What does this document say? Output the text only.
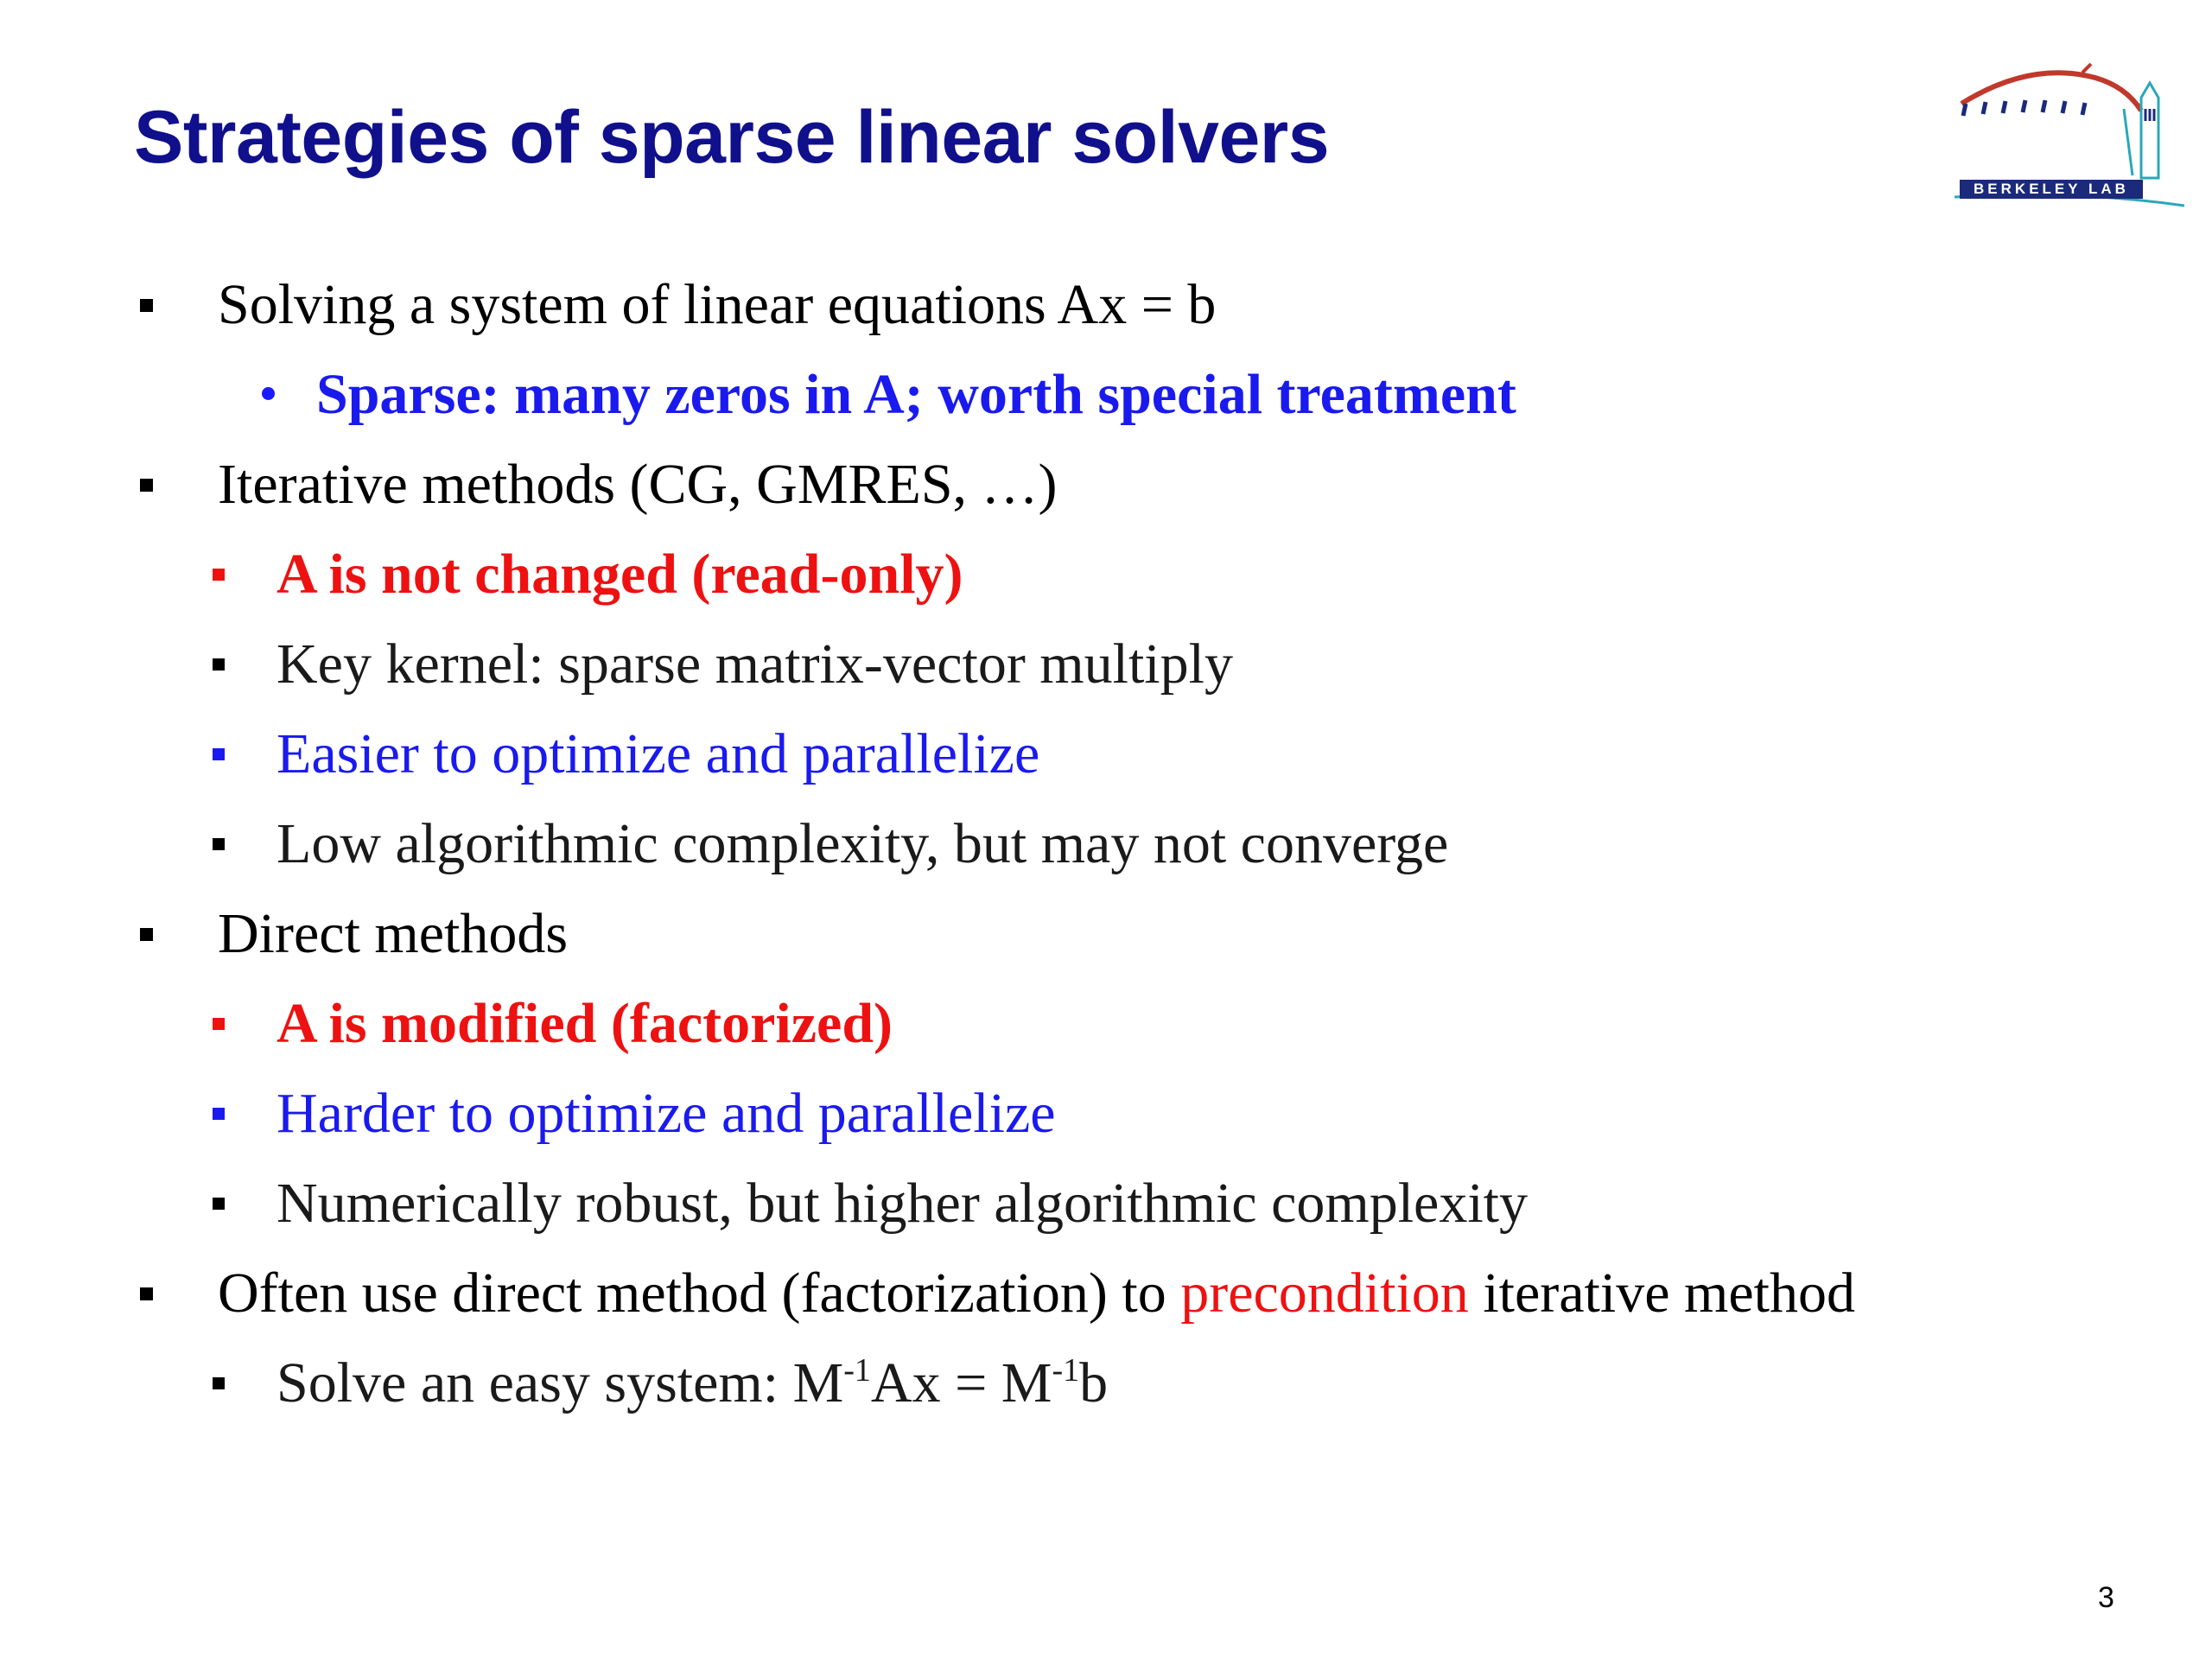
Strategies of sparse linear solvers
BERKELEY LAB
Solving a system of linear equations Ax = b
Sparse: many zeros in A; worth special treatment
Iterative methods (CG, GMRES, …)
A is not changed (read-only)
Key kernel: sparse matrix-vector multiply
Easier to optimize and parallelize
Low algorithmic complexity, but may not converge
Direct methods
A is modified (factorized)
Harder to optimize and parallelize
Numerically robust, but higher algorithmic complexity
Often use direct method (factorization) to precondition iterative method
Solve an easy system: $M^{-1}Ax = M^{-1}b$
3
